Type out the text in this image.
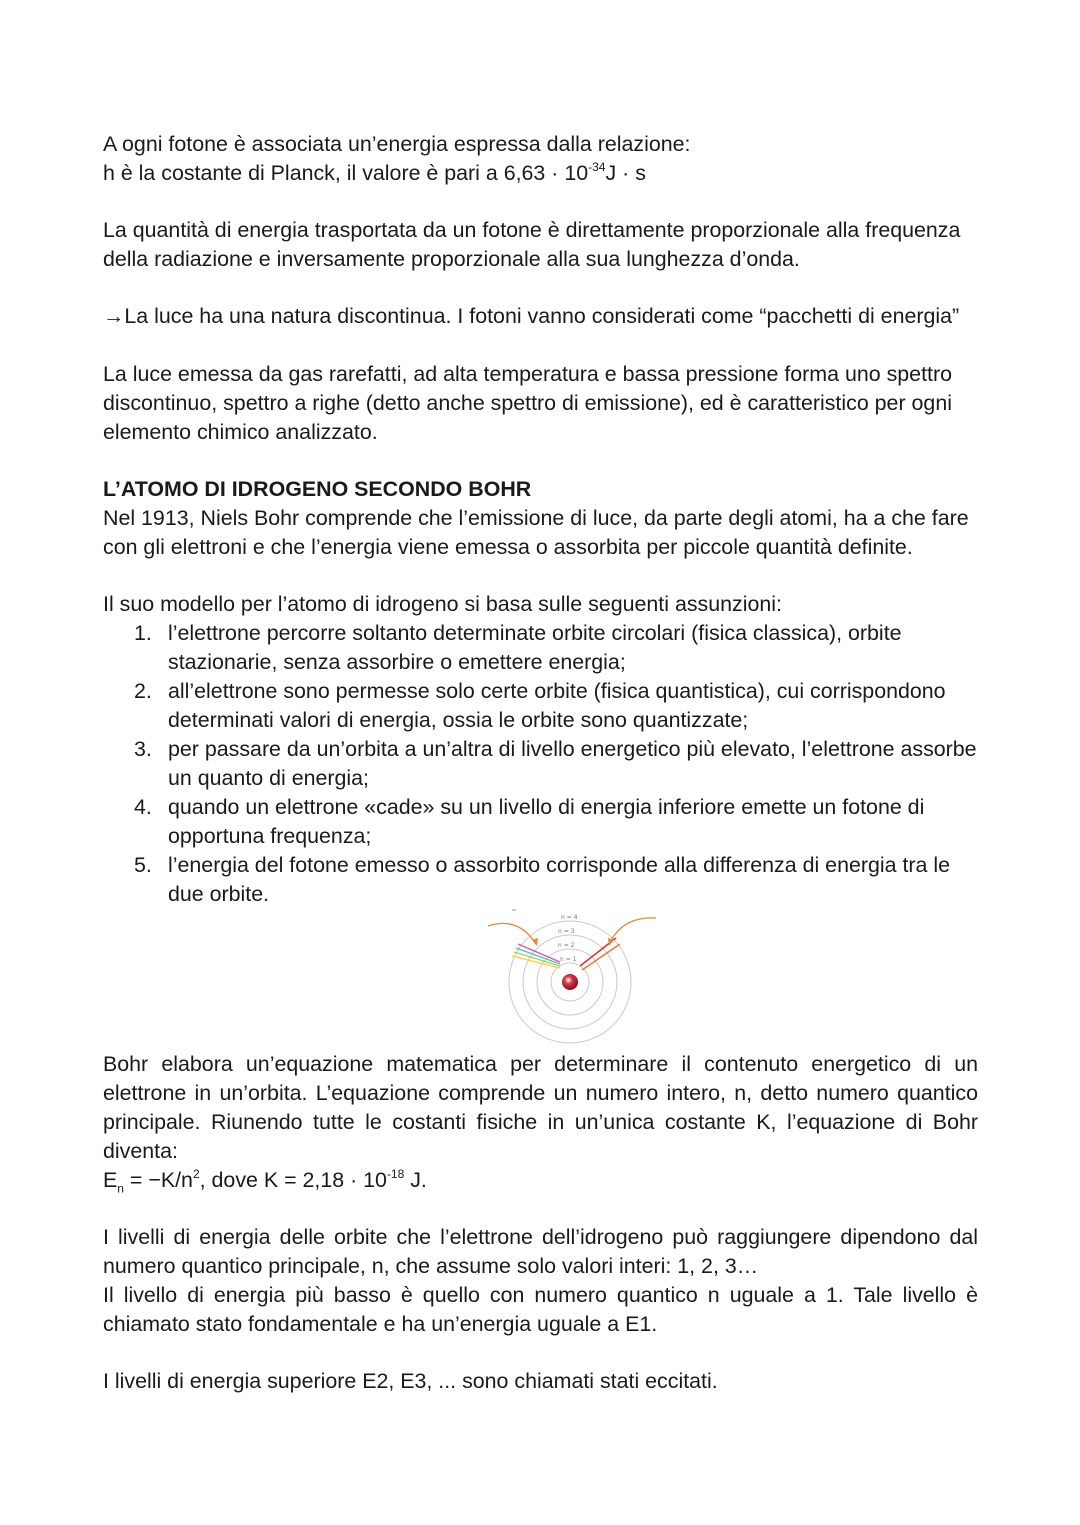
A ogni fotone è associata un’energia espressa dalla relazione:

h è la costante di Planck, il valore è pari a $6,63 \cdot 10^{-34}J \cdot s$

La quantità di energia trasportata da un fotone è direttamente proporzionale alla frequenza della radiazione e inversamente proporzionale alla sua lunghezza d’onda.

→La luce ha una natura discontinua. I fotoni vanno considerati come “pacchetti di energia”

La luce emessa da gas rarefatti, ad alta temperatura e bassa pressione forma uno spettro discontinuo, spettro a righe (detto anche spettro di emissione), ed è caratteristico per ogni elemento chimico analizzato.

L’ATOMO DI IDROGENO SECONDO BOHR

Nel 1913, Niels Bohr comprende che l’emissione di luce, da parte degli atomi, ha a che fare con gli elettroni e che l’energia viene emessa o assorbita per piccole quantità definite.

Il suo modello per l’atomo di idrogeno si basa sulle seguenti assunzioni:

1. l’elettrone percorre soltanto determinate orbite circolari (fisica classica), orbite stazionarie, senza assorbire o emettere energia;
2. all’elettrone sono permesse solo certe orbite (fisica quantistica), cui corrispondono determinati valori di energia, ossia le orbite sono quantizzate;
3. per passare da un’orbita a un’altra di livello energetico più elevato, l’elettrone assorbe un quanto di energia;
4. quando un elettrone «cade» su un livello di energia inferiore emette un fotone di opportuna frequenza;
5. l’energia del fotone emesso o assorbito corrisponde alla differenza di energia tra le due orbite.
n = 4
n = 3
n = 2
n = 1

Bohr elabora un’equazione matematica per determinare il contenuto energetico di un elettrone in un’orbita. L’equazione comprende un numero intero, n, detto numero quantico principale. Riunendo tutte le costanti fisiche in un’unica costante K, l’equazione di Bohr diventa:

$E_n = -K/n^2$, dove $K = 2,18 \cdot 10^{-18}$ J.

I livelli di energia delle orbite che l’elettrone dell’idrogeno può raggiungere dipendono dal numero quantico principale, n, che assume solo valori interi: 1, 2, 3…

Il livello di energia più basso è quello con numero quantico n uguale a 1. Tale livello è chiamato stato fondamentale e ha un’energia uguale a E1.

I livelli di energia superiore E2, E3, ... sono chiamati stati eccitati.
